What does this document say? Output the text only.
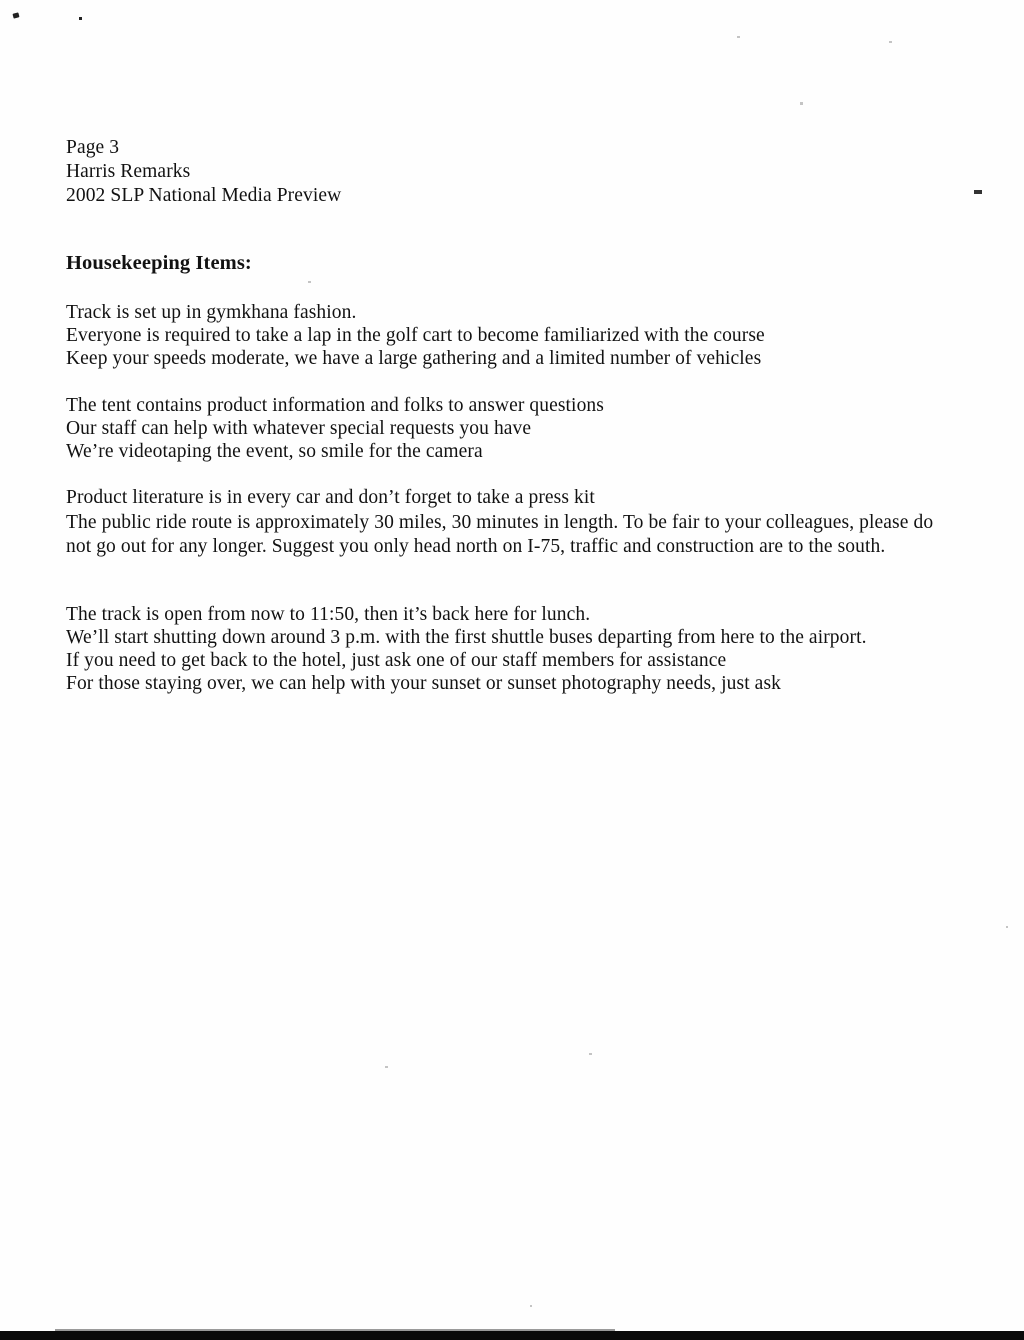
Page 3
Harris Remarks
2002 SLP National Media Preview
Housekeeping Items:
Track is set up in gymkhana fashion.
Everyone is required to take a lap in the golf cart to become familiarized with the course
Keep your speeds moderate, we have a large gathering and a limited number of vehicles
The tent contains product information and folks to answer questions
Our staff can help with whatever special requests you have
We’re videotaping the event, so smile for the camera
Product literature is in every car and don’t forget to take a press kit
The public ride route is approximately 30 miles, 30 minutes in length. To be fair to your colleagues, please do
not go out for any longer. Suggest you only head north on I-75, traffic and construction are to the south.
The track is open from now to 11:50, then it’s back here for lunch.
We’ll start shutting down around 3 p.m. with the first shuttle buses departing from here to the airport.
If you need to get back to the hotel, just ask one of our staff members for assistance
For those staying over, we can help with your sunset or sunset photography needs, just ask
